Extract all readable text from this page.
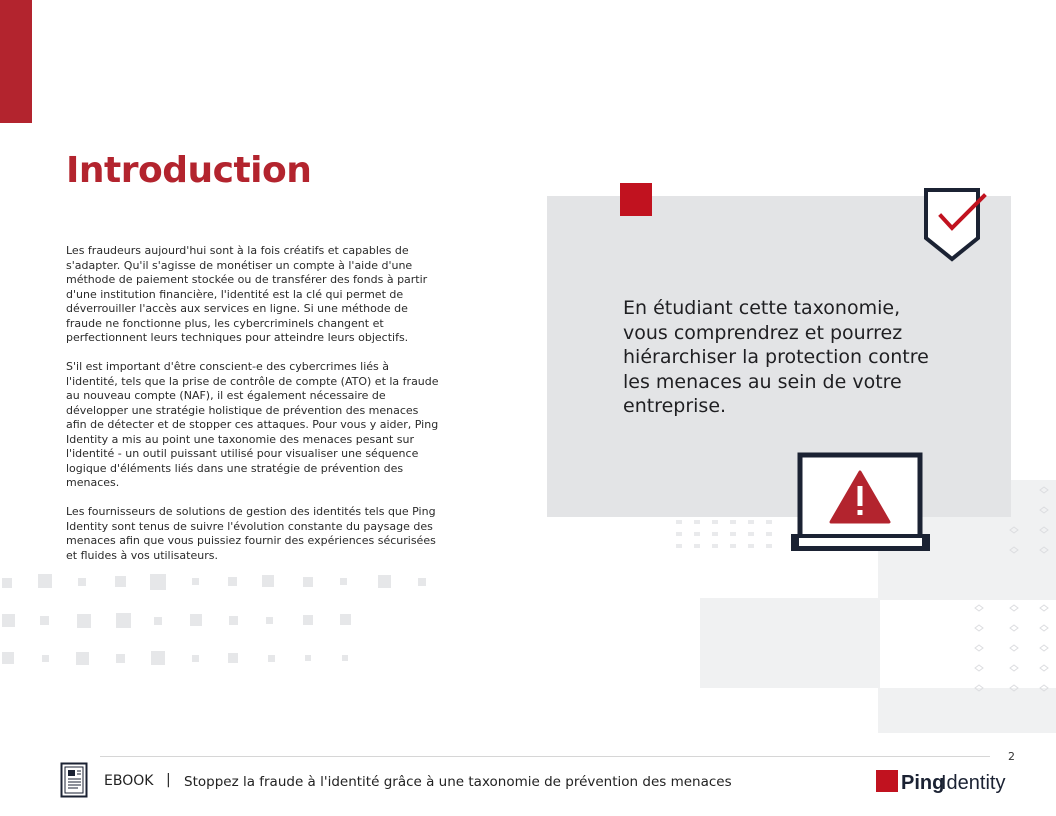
Introduction

Les fraudeurs aujourd'hui sont à la fois créatifs et capables de s'adapter. Qu'il s'agisse de monétiser un compte à l'aide d'une méthode de paiement stockée ou de transférer des fonds à partir d'une institution financière, l'identité est la clé qui permet de déverrouiller l'accès aux services en ligne. Si une méthode de fraude ne fonctionne plus, les cybercriminels changent et perfectionnent leurs techniques pour atteindre leurs objectifs.

S'il est important d'être conscient-e des cybercrimes liés à l'identité, tels que la prise de contrôle de compte (ATO) et la fraude au nouveau compte (NAF), il est également nécessaire de développer une stratégie holistique de prévention des menaces afin de détecter et de stopper ces attaques. Pour vous y aider, Ping Identity a mis au point une taxonomie des menaces pesant sur l'identité - un outil puissant utilisé pour visualiser une séquence logique d'éléments liés dans une stratégie de prévention des menaces.

Les fournisseurs de solutions de gestion des identités tels que Ping Identity sont tenus de suivre l'évolution constante du paysage des menaces afin que vous puissiez fournir des expériences sécurisées et fluides à vos utilisateurs.

En étudiant cette taxonomie, vous comprendrez et pourrez hiérarchiser la protection contre les menaces au sein de votre entreprise.

2
EBOOK | Stoppez la fraude à l'identité grâce à une taxonomie de prévention des menaces	Ping
Identity
